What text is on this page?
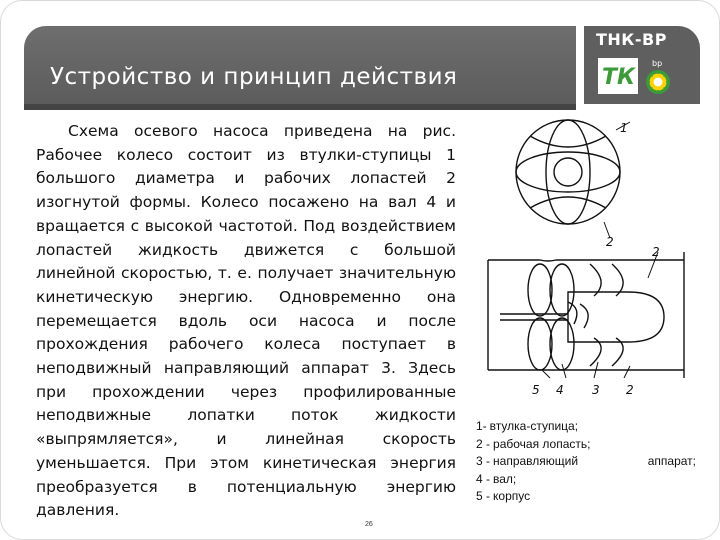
Устройство и принцип действия
ТНК-ВР
ТК
bp

Схема осевого насоса приведена на рис. Рабочее колесо состоит из втулки-ступицы 1 большого диаметра и рабочих лопастей 2 изогнутой формы. Колесо посажено на вал 4 и вращается с высокой частотой. Под воздействием лопастей жидкость движется с большой линейной скоростью, т. е. получает значительную кинетическую энергию. Одновременно она перемещается вдоль оси насоса и после прохождения рабочего колеса поступает в неподвижный направляющий аппарат 3. Здесь при прохождении через профилированные неподвижные лопатки поток жидкости «выпрямляется», и линейная скорость уменьшается. При этом кинетическая энергия преобразуется в потенциальную энергию давления.

1
2
2
5 4 3 2
1- втулка-ступица;
2 - рабочая лопасть;
3 - направляющий	аппарат;
4 - вал;
5 - корпус
26
